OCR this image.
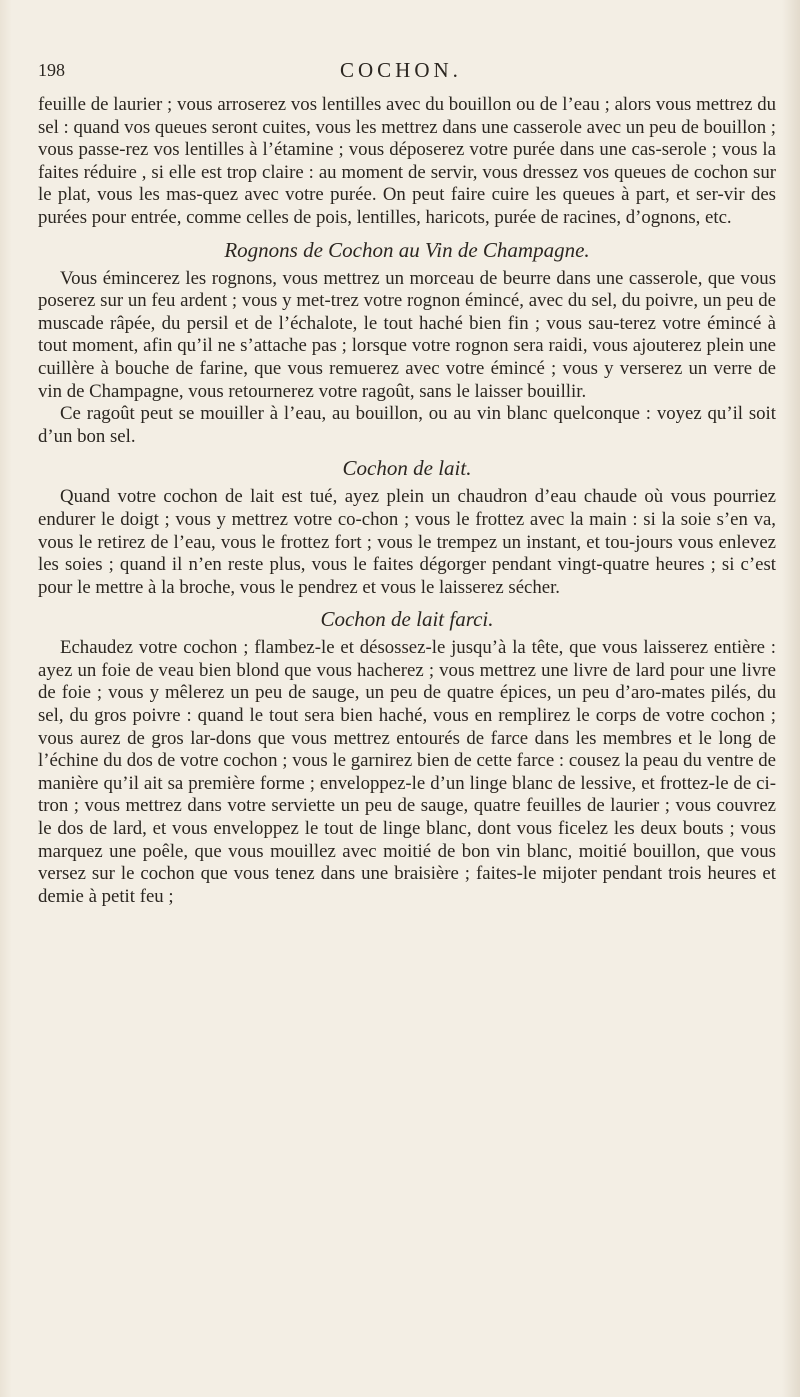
198	COCHON.

feuille de laurier ; vous arroserez vos lentilles avec du bouillon ou de l’eau ; alors vous mettrez du sel : quand vos queues seront cuites, vous les mettrez dans une casserole avec un peu de bouillon ; vous passe-rez vos lentilles à l’étamine ; vous déposerez votre purée dans une cas-serole ; vous la faites réduire , si elle est trop claire : au moment de servir, vous dressez vos queues de cochon sur le plat, vous les mas-quez avec votre purée. On peut faire cuire les queues à part, et ser-vir des purées pour entrée, comme celles de pois, lentilles, haricots, purée de racines, d’ognons, etc.

Rognons de Cochon au Vin de Champagne.

Vous émincerez les rognons, vous mettrez un morceau de beurre dans une casserole, que vous poserez sur un feu ardent ; vous y met-trez votre rognon émincé, avec du sel, du poivre, un peu de muscade râpée, du persil et de l’échalote, le tout haché bien fin ; vous sau-terez votre émincé à tout moment, afin qu’il ne s’attache pas ; lorsque votre rognon sera raidi, vous ajouterez plein une cuillère à bouche de farine, que vous remuerez avec votre émincé ; vous y verserez un verre de vin de Champagne, vous retournerez votre ragoût, sans le laisser bouillir.

Ce ragoût peut se mouiller à l’eau, au bouillon, ou au vin blanc quelconque : voyez qu’il soit d’un bon sel.

Cochon de lait.

Quand votre cochon de lait est tué, ayez plein un chaudron d’eau chaude où vous pourriez endurer le doigt ; vous y mettrez votre co-chon ; vous le frottez avec la main : si la soie s’en va, vous le retirez de l’eau, vous le frottez fort ; vous le trempez un instant, et tou-jours vous enlevez les soies ; quand il n’en reste plus, vous le faites dégorger pendant vingt-quatre heures ; si c’est pour le mettre à la broche, vous le pendrez et vous le laisserez sécher.

Cochon de lait farci.

Echaudez votre cochon ; flambez-le et désossez-le jusqu’à la tête, que vous laisserez entière : ayez un foie de veau bien blond que vous hacherez ; vous mettrez une livre de lard pour une livre de foie ; vous y mêlerez un peu de sauge, un peu de quatre épices, un peu d’aro-mates pilés, du sel, du gros poivre : quand le tout sera bien haché, vous en remplirez le corps de votre cochon ; vous aurez de gros lar-dons que vous mettrez entourés de farce dans les membres et le long de l’échine du dos de votre cochon ; vous le garnirez bien de cette farce : cousez la peau du ventre de manière qu’il ait sa première forme ; enveloppez-le d’un linge blanc de lessive, et frottez-le de ci-tron ; vous mettrez dans votre serviette un peu de sauge, quatre feuilles de laurier ; vous couvrez le dos de lard, et vous enveloppez le tout de linge blanc, dont vous ficelez les deux bouts ; vous marquez une poêle, que vous mouillez avec moitié de bon vin blanc, moitié bouillon, que vous versez sur le cochon que vous tenez dans une braisière ; faites-le mijoter pendant trois heures et demie à petit feu ;
